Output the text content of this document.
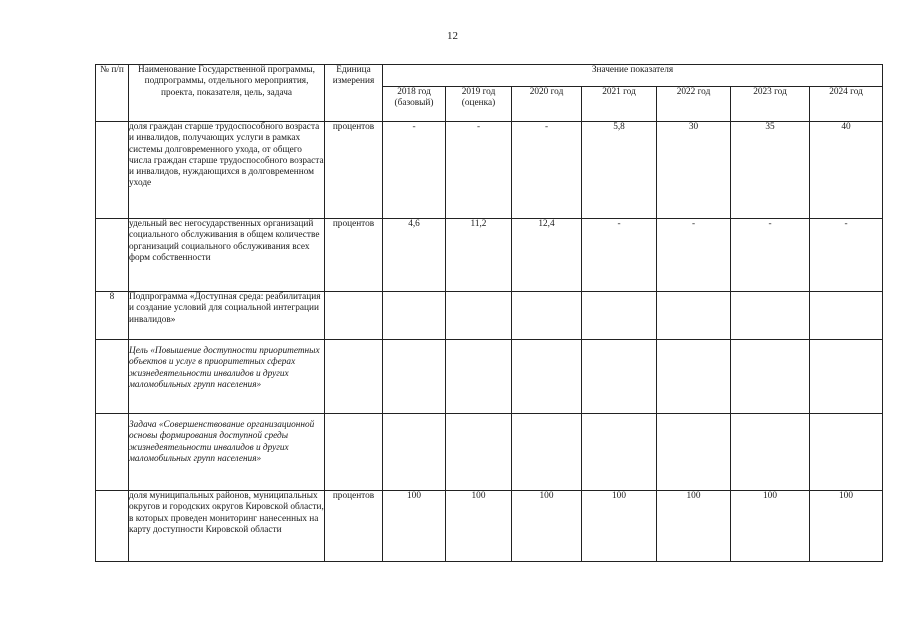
12
№ п/п	Наименование Государственной программы, подпрограммы, отдельного мероприятия, проекта, показателя, цель, задача	Единица измерения	Значение показателя						
			2018 год (базовый)	2019 год (оценка)	2020 год	2021 год	2022 год	2023 год	2024 год
	доля граждан старше трудоспособного возраста и инвалидов, получающих услуги в рамках системы долговременного ухода, от общего числа граждан старше трудоспособного возраста и инвалидов, нуждающихся в долговременном уходе	процентов	-	-	-	5,8	30	35	40
	удельный вес негосударственных организаций социального обслуживания в общем количестве организаций социального обслуживания всех форм собственности	процентов	4,6	11,2	12,4	-	-	-	-
8	Подпрограмма «Доступная среда: реабилитация и создание условий для социальной интеграции инвалидов»								
	Цель «Повышение доступности приоритетных объектов и услуг в приоритетных сферах жизнедеятельности инвалидов и других маломобильных групп населения»								
	Задача «Совершенствование организационной основы формирования доступной среды жизнедеятельности инвалидов и других маломобильных групп населения»								
	доля муниципальных районов, муниципальных округов и городских округов Кировской области, в которых проведен мониторинг нанесенных на карту доступности Кировской области	процентов	100	100	100	100	100	100	100
